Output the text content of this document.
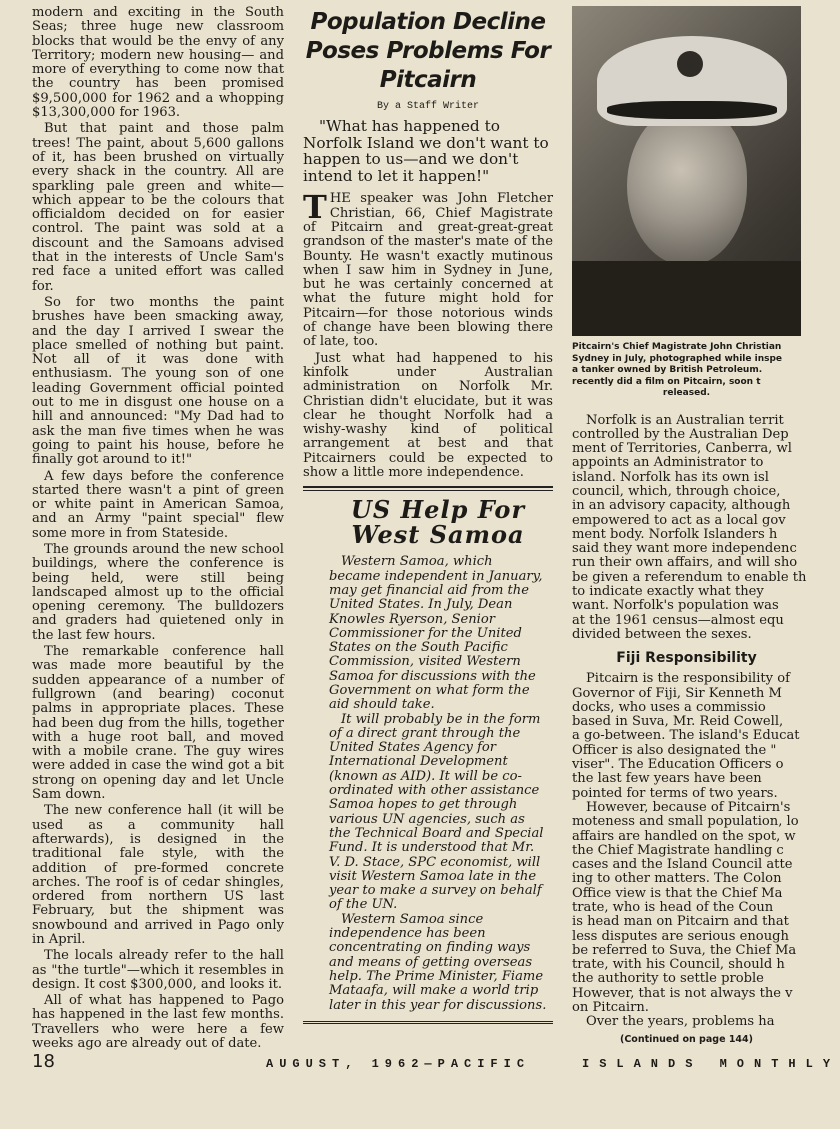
modern and exciting in the South Seas; three huge new classroom blocks that would be the envy of any Territory; modern new housing— and more of everything to come now that the country has been promised $9,500,000 for 1962 and a whopping $13,300,000 for 1963.

But that paint and those palm trees! The paint, about 5,600 gallons of it, has been brushed on virtually every shack in the country. All are sparkling pale green and white— which appear to be the colours that officialdom decided on for easier control. The paint was sold at a discount and the Samoans advised that in the interests of Uncle Sam's red face a united effort was called for.

So for two months the paint brushes have been smacking away, and the day I arrived I swear the place smelled of nothing but paint. Not all of it was done with enthusiasm. The young son of one leading Government official pointed out to me in disgust one house on a hill and announced: "My Dad had to ask the man five times when he was going to paint his house, before he finally got around to it!"

A few days before the conference started there wasn't a pint of green or white paint in American Samoa, and an Army "paint special" flew some more in from Stateside.

The grounds around the new school buildings, where the conference is being held, were still being landscaped almost up to the official opening ceremony. The bulldozers and graders had quietened only in the last few hours.

The remarkable conference hall was made more beautiful by the sudden appearance of a number of fullgrown (and bearing) coconut palms in appropriate places. These had been dug from the hills, together with a huge root ball, and moved with a mobile crane. The guy wires were added in case the wind got a bit strong on opening day and let Uncle Sam down.

The new conference hall (it will be used as a community hall afterwards), is designed in the traditional fale style, with the addition of pre-formed concrete arches. The roof is of cedar shingles, ordered from northern US last February, but the shipment was snowbound and arrived in Pago only in April.

The locals already refer to the hall as "the turtle"—which it resembles in design. It cost $300,000, and looks it.

All of what has happened to Pago has happened in the last few months. Travellers who were here a few weeks ago are already out of date.

Population Decline Poses Problems For Pitcairn
By a Staff Writer

"What has happened to Norfolk Island we don't want to happen to us—and we don't intend to let it happen!"

THE speaker was John Fletcher Christian, 66, Chief Magistrate of Pitcairn and great-great-great grandson of the master's mate of the Bounty. He wasn't exactly mutinous when I saw him in Sydney in June, but he was certainly concerned at what the future might hold for Pitcairn—for those notorious winds of change have been blowing there of late, too.

Just what had happened to his kinfolk under Australian administration on Norfolk Mr. Christian didn't elucidate, but it was clear he thought Norfolk had a wishy-washy kind of political arrangement at best and that Pitcairners could be expected to show a little more independence.

US Help For West Samoa

Western Samoa, which became independent in January, may get financial aid from the United States. In July, Dean Knowles Ryerson, Senior Commissioner for the United States on the South Pacific Commission, visited Western Samoa for discussions with the Government on what form the aid should take.

It will probably be in the form of a direct grant through the United States Agency for International Development (known as AID). It will be co-ordinated with other assistance Samoa hopes to get through various UN agencies, such as the Technical Board and Special Fund. It is understood that Mr. V. D. Stace, SPC economist, will visit Western Samoa late in the year to make a survey on behalf of the UN.

Western Samoa since independence has been concentrating on finding ways and means of getting overseas help. The Prime Minister, Fiame Mataafa, will make a world trip later in this year for discussions.

Pitcairn's Chief Magistrate John Christian
Sydney in July, photographed while inspe
a tanker owned by British Petroleum.
recently did a film on Pitcairn, soon t

released.
Norfolk is an Australian territ
controlled by the Australian Dep
ment of Territories, Canberra, wl
appoints an Administrator to
island. Norfolk has its own isl
council, which, through choice,
in an advisory capacity, although
empowered to act as a local gov
ment body. Norfolk Islanders h
said they want more independenc
run their own affairs, and will sho
be given a referendum to enable th
to indicate exactly what they
want. Norfolk's population was
at the 1961 census—almost equ
divided between the sexes.
Fiji Responsibility
Pitcairn is the responsibility of
Governor of Fiji, Sir Kenneth M
docks, who uses a commissio
based in Suva, Mr. Reid Cowell,
a go-between. The island's Educat
Officer is also designated the "
viser". The Education Officers o
the last few years have been
pointed for terms of two years.
However, because of Pitcairn's
moteness and small population, lo
affairs are handled on the spot, w
the Chief Magistrate handling c
cases and the Island Council atte
ing to other matters. The Colon
Office view is that the Chief Ma
trate, who is head of the Coun
is head man on Pitcairn and that
less disputes are serious enough
be referred to Suva, the Chief Ma
trate, with his Council, should h
the authority to settle proble
However, that is not always the v
on Pitcairn.
Over the years, problems ha
(Continued on page 144)
18	AUGUST, 1962—PACIFIC	ISLANDS MONTHLY
